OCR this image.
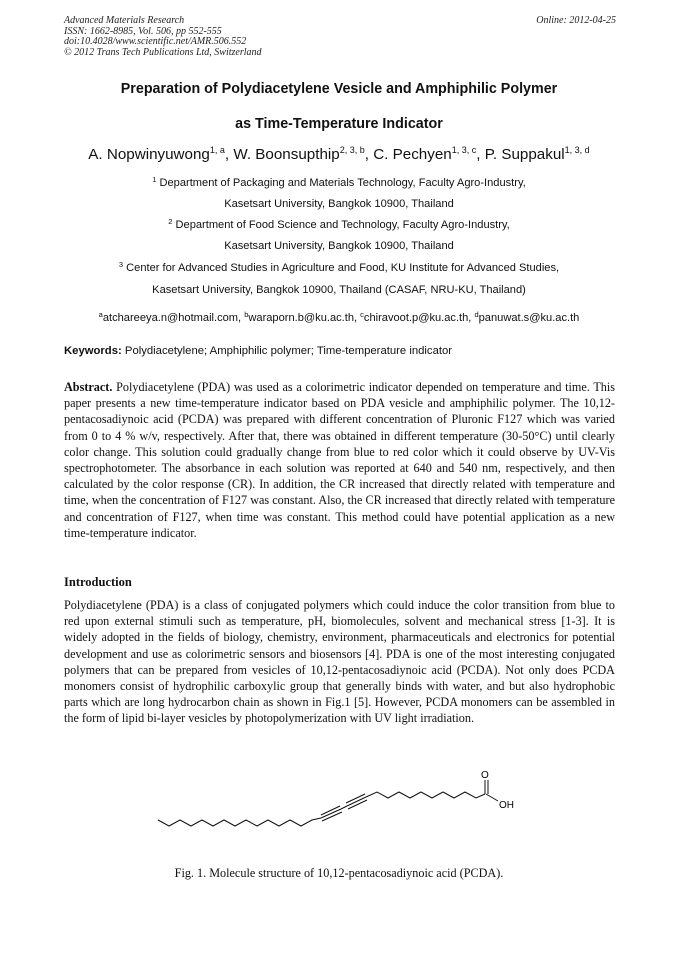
Advanced Materials Research
ISSN: 1662-8985, Vol. 506, pp 552-555
doi:10.4028/www.scientific.net/AMR.506.552
© 2012 Trans Tech Publications Ltd, Switzerland
Online: 2012-04-25
Preparation of Polydiacetylene Vesicle and Amphiphilic Polymer
as Time-Temperature Indicator
A. Nopwinyuwong$^{1, a}$, W. Boonsupthip$^{2, 3, b}$, C. Pechyen$^{1, 3, c}$, P. Suppakul$^{1, 3, d}$
$^1$ Department of Packaging and Materials Technology, Faculty Agro-Industry,
Kasetsart University, Bangkok 10900, Thailand
$^2$ Department of Food Science and Technology, Faculty Agro-Industry,
Kasetsart University, Bangkok 10900, Thailand
$^3$ Center for Advanced Studies in Agriculture and Food, KU Institute for Advanced Studies,
Kasetsart University, Bangkok 10900, Thailand (CASAF, NRU-KU, Thailand)
$^a$atcharееya.n@hotmail.com, $^b$waraporn.b@ku.ac.th, $^c$chiravoot.p@ku.ac.th, $^d$panuwat.s@ku.ac.th
Keywords: Polydiacetylene; Amphiphilic polymer; Time-temperature indicator
Abstract. Polydiacetylene (PDA) was used as a colorimetric indicator depended on temperature and time. This paper presents a new time-temperature indicator based on PDA vesicle and amphiphilic polymer. The 10,12-pentacosadiynoic acid (PCDA) was prepared with different concentration of Pluronic F127 which was varied from 0 to 4 % w/v, respectively. After that, there was obtained in different temperature (30-50°C) until clearly color change. This solution could gradually change from blue to red color which it could observe by UV-Vis spectrophotometer. The absorbance in each solution was reported at 640 and 540 nm, respectively, and then calculated by the color response (CR). In addition, the CR increased that directly related with temperature and time, when the concentration of F127 was constant. Also, the CR increased that directly related with temperature and concentration of F127, when time was constant. This method could have potential application as a new time-temperature indicator.
Introduction
Polydiacetylene (PDA) is a class of conjugated polymers which could induce the color transition from blue to red upon external stimuli such as temperature, pH, biomolecules, solvent and mechanical stress [1-3]. It is widely adopted in the fields of biology, chemistry, environment, pharmaceuticals and electronics for potential development and use as colorimetric sensors and biosensors [4]. PDA is one of the most interesting conjugated polymers that can be prepared from vesicles of 10,12-pentacosadiynoic acid (PCDA). Not only does PCDA monomers consist of hydrophilic carboxylic group that generally binds with water, and but also hydrophobic parts which are long hydrocarbon chain as shown in Fig.1 [5]. However, PCDA monomers can be assembled in the form of lipid bi-layer vesicles by photopolymerization with UV light irradiation.
O
OH
Fig. 1. Molecule structure of 10,12-pentacosadiynoic acid (PCDA).
